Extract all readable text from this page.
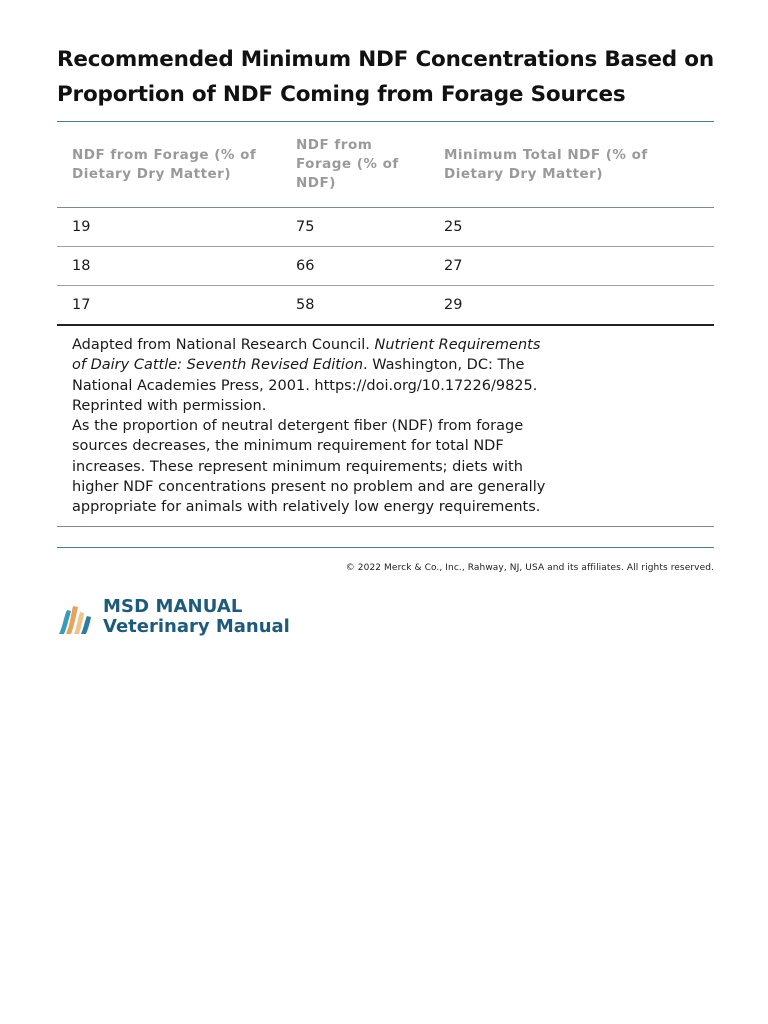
Recommended Minimum NDF Concentrations Based on Proportion of NDF Coming from Forage Sources
NDF from Forage (% of Dietary Dry Matter)	NDF from Forage (% of NDF)	Minimum Total NDF (% of Dietary Dry Matter)
19	75	25
18	66	27
17	58	29

Adapted from National Research Council. Nutrient Requirements of Dairy Cattle: Seventh Revised Edition. Washington, DC: The National Academies Press, 2001. https://doi.org/10.17226/9825. Reprinted with permission.

As the proportion of neutral detergent fiber (NDF) from forage sources decreases, the minimum requirement for total NDF increases. These represent minimum requirements; diets with higher NDF concentrations present no problem and are generally appropriate for animals with relatively low energy requirements.

© 2022 Merck & Co., Inc., Rahway, NJ, USA and its affiliates. All rights reserved.
MSD MANUAL
Veterinary Manual
